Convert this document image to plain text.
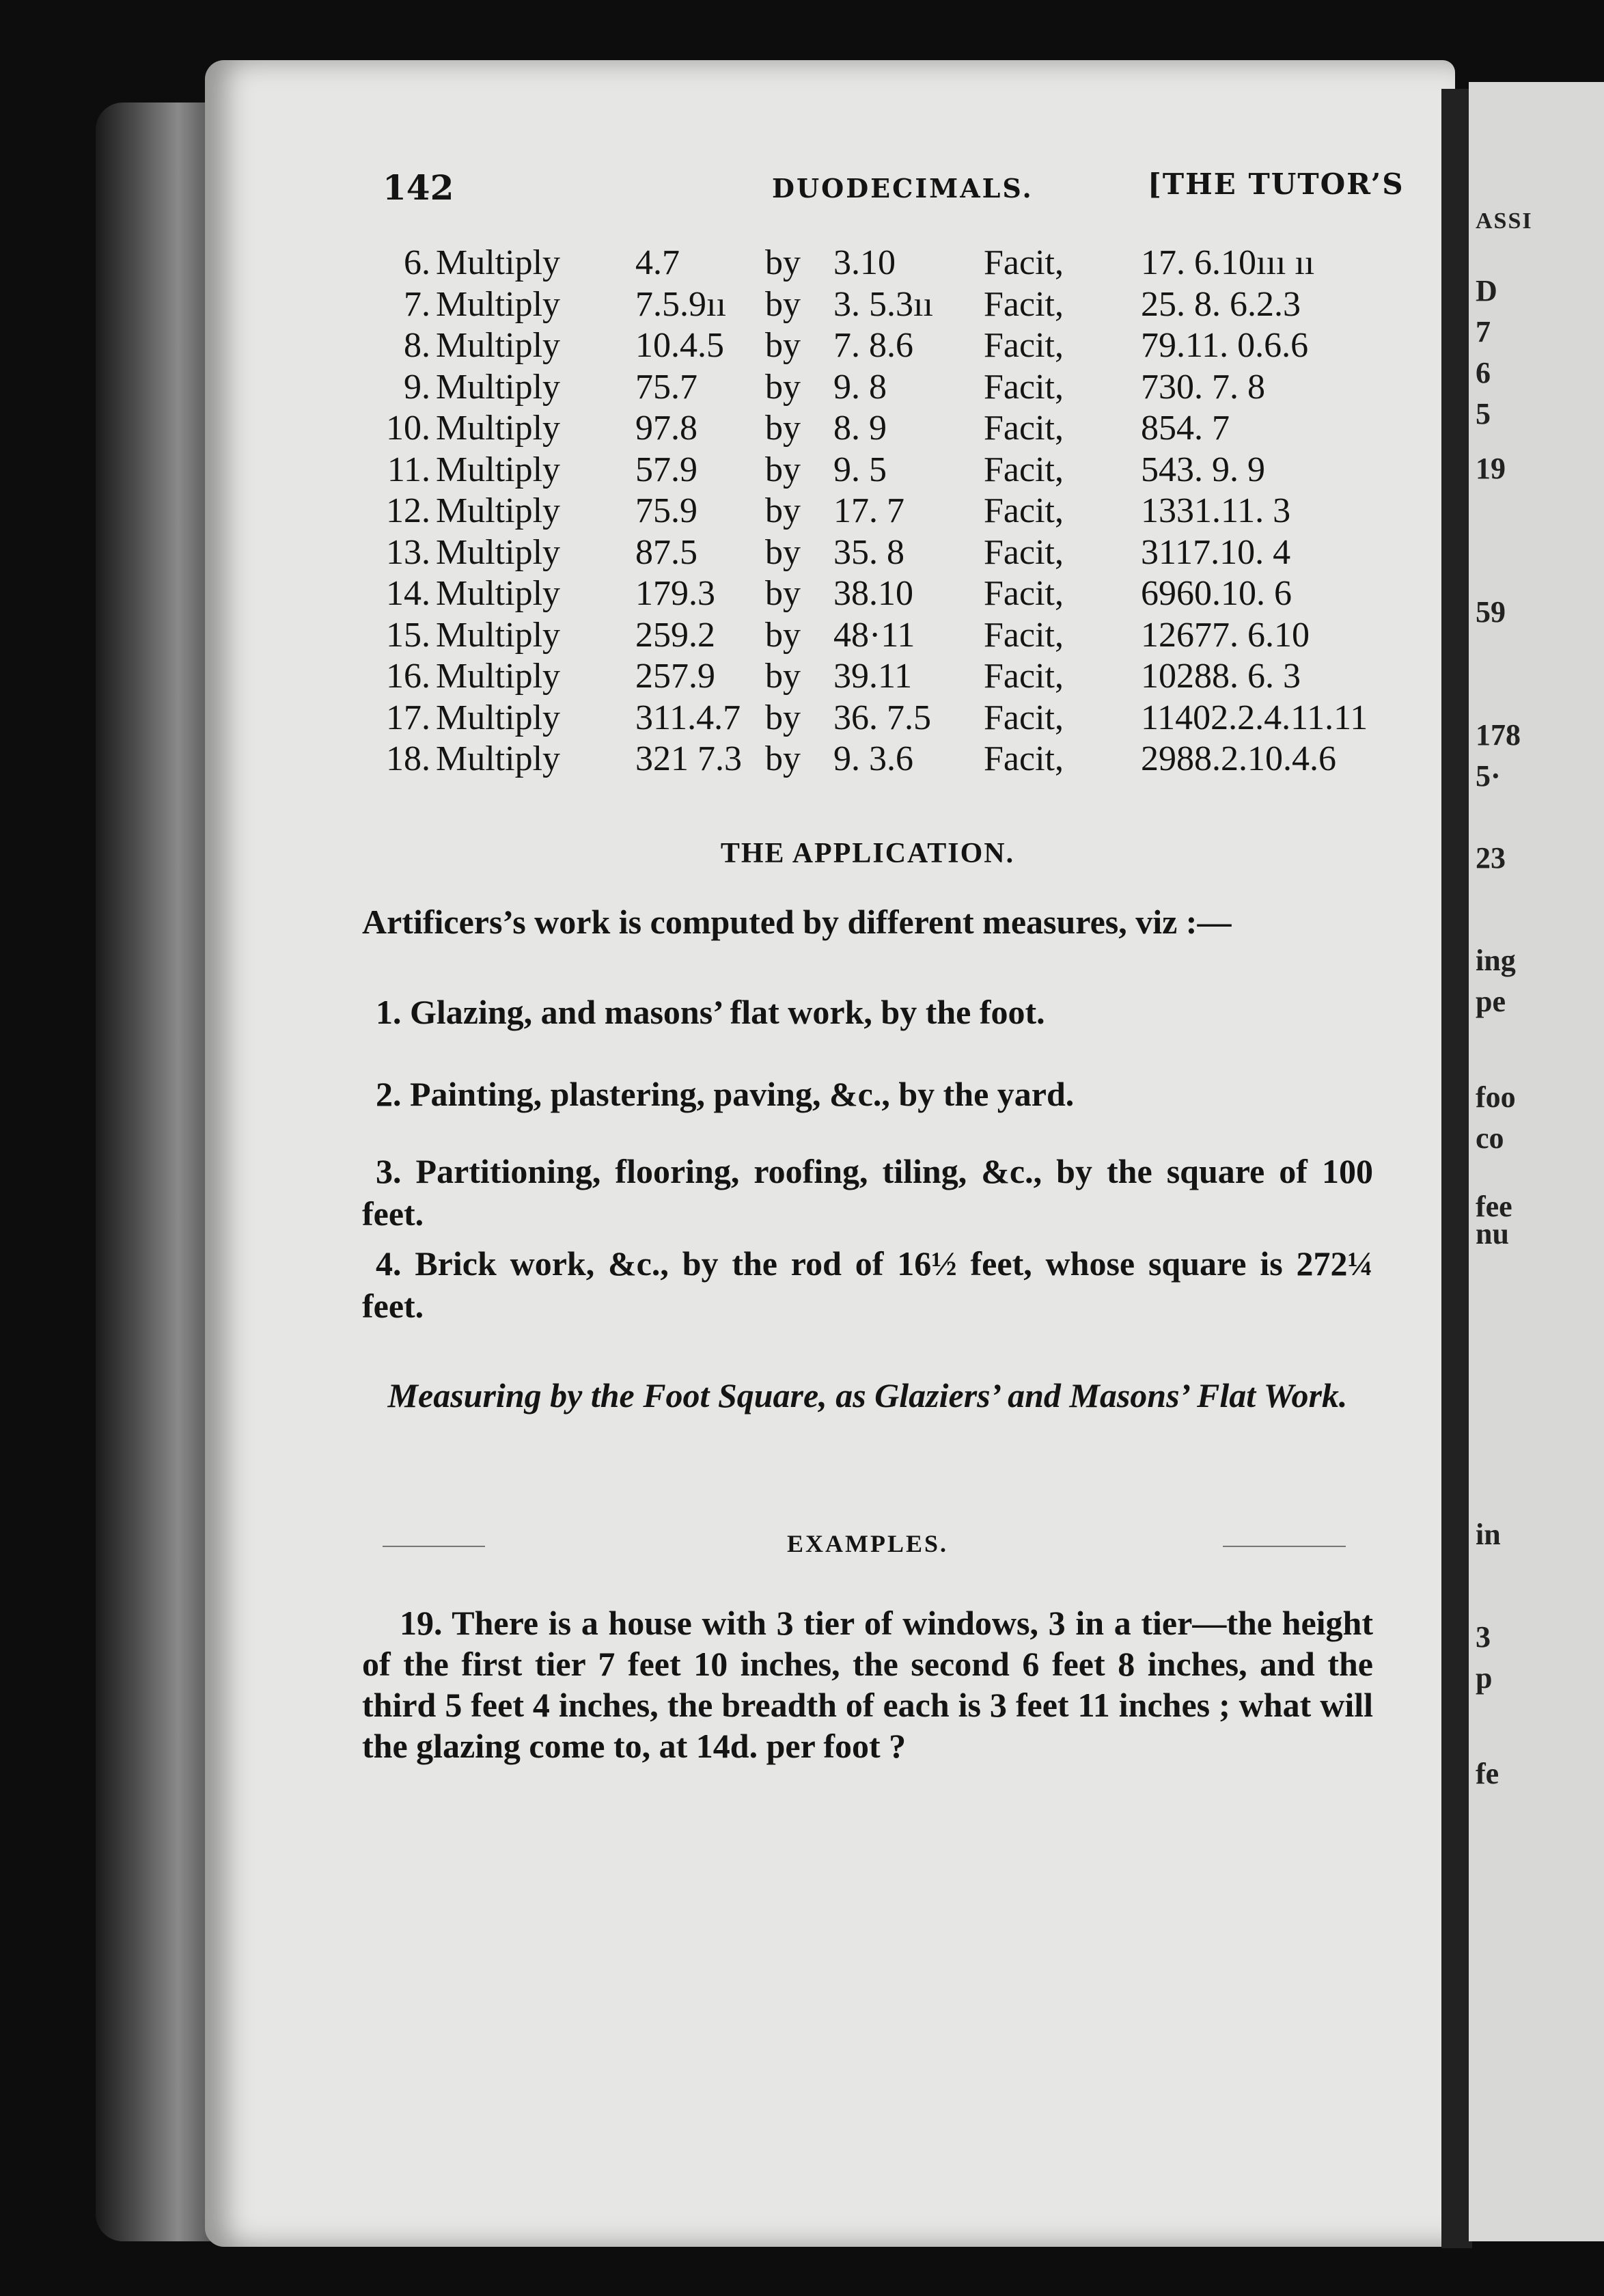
142	DUODECIMALS.	[THE TUTOR’S
6. Multiply 4.7 by 3.10 Facit, 17. 6.10ııı ıı
7. Multiply 7.5.9ıı by 3. 5.3ıı Facit, 25. 8. 6.2.3
8. Multiply 10.4.5 by 7. 8.6 Facit, 79.11. 0.6.6
9. Multiply 75.7 by 9. 8	Facit, 730. 7. 8
10. Multiply 97.8 by 8. 9	Facit, 854. 7
11. Multiply 57.9 by 9. 5	Facit, 543. 9. 9
12. Multiply 75.9 by 17. 7 Facit, 1331.11. 3
13. Multiply 87.5 by 35. 8 Facit, 3117.10. 4
14. Multiply 179.3 by 38.10 Facit, 6960.10. 6
15. Multiply 259.2 by 48·11 Facit, 12677. 6.10
16. Multiply 257.9 by 39.11 Facit, 10288. 6. 3
17. Multiply 311.4.7 by 36. 7.5 Facit, 11402.2.4.11.11
18. Multiply 321 7.3 by 9. 3.6 Facit, 2988.2.10.4.6
THE APPLICATION.
Artificers’s work is computed by different measures, viz :—
1. Glazing, and masons’ flat work, by the foot.
2. Painting, plastering, paving, &c., by the yard.
3. Partitioning, flooring, roofing, tiling, &c., by the square of 100 feet.
4. Brick work, &c., by the rod of 16½ feet, whose square is 272¼ feet.
Measuring by the Foot Square, as Glaziers’ and Masons’ Flat Work.
EXAMPLES.
19. There is a house with 3 tier of windows, 3 in a tier—the height of the first tier 7 feet 10 inches, the second 6 feet 8 inches, and the third 5 feet 4 inches, the breadth of each is 3 feet 11 inches ; what will the glazing come to, at 14d. per foot ?
ASSI
D
7
6
5
19
59
178
5·
23
ing
pe
foo
co
fee
nu
in
3
p
fe
